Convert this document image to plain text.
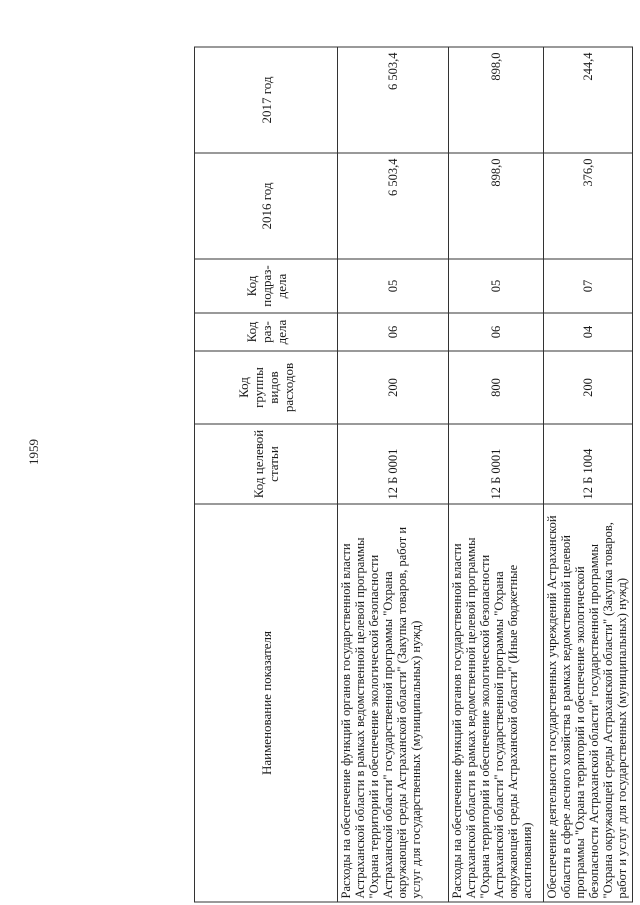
1959
Наименование показателя	Код целевой статьи	Код группы видов расходов	Код раз-дела	Код подраз-дела	2016 год	2017 год
Расходы на обеспечение функций органов государственной власти Астраханской области в рамках ведомственной целевой программы "Охрана территорий и обеспечение экологической безопасности Астраханской области" государственной программы "Охрана окружающей среды Астраханской области" (Закупка товаров, работ и услуг для государственных (муниципальных) нужд)	12 Б 0001	200	06	05	6 503,4	6 503,4
Расходы на обеспечение функций органов государственной власти Астраханской области в рамках ведомственной целевой программы "Охрана территорий и обеспечение экологической безопасности Астраханской области" государственной программы "Охрана окружающей среды Астраханской области" (Иные бюджетные ассигнования)	12 Б 0001	800	06	05	898,0	898,0
Обеспечение деятельности государственных учреждений Астраханской области в сфере лесного хозяйства в рамках ведомственной целевой программы "Охрана территорий и обеспечение экологической безопасности Астраханской области" государственной программы "Охрана окружающей среды Астраханской области" (Закупка товаров, работ и услуг для государственных (муниципальных) нужд)	12 Б 1004	200	04	07	376,0	244,4
